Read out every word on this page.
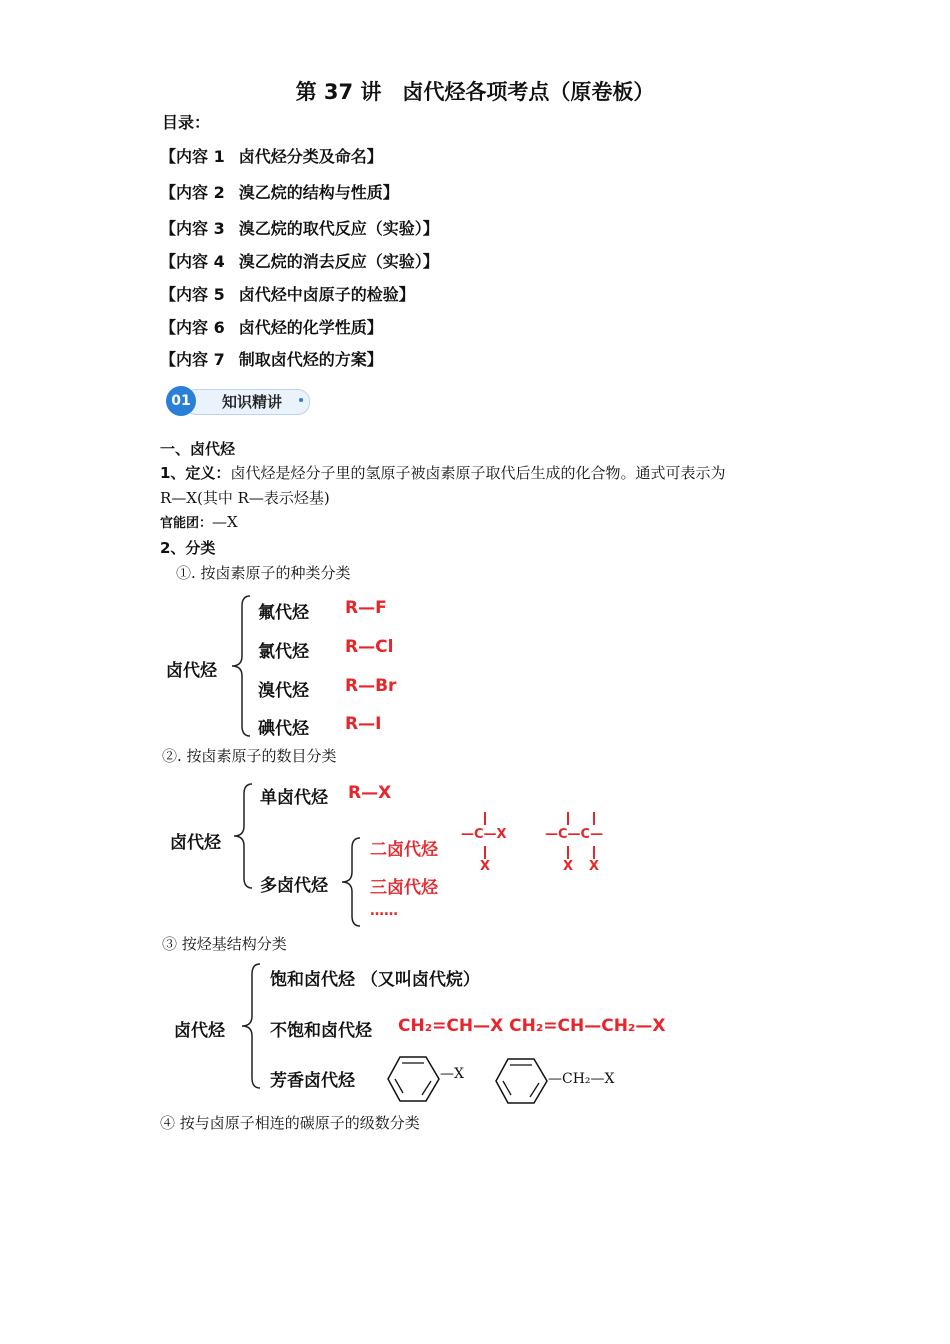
第 37 讲　卤代烃各项考点（原卷板）
目录：
【内容 1 卤代烃分类及命名】
【内容 2 溴乙烷的结构与性质】
【内容 3 溴乙烷的取代反应（实验）】
【内容 4 溴乙烷的消去反应（实验）】
【内容 5 卤代烃中卤原子的检验】
【内容 6 卤代烃的化学性质】
【内容 7 制取卤代烃的方案】
01	知识精讲
一、卤代烃
1、定义：卤代烃是烃分子里的氢原子被卤素原子取代后生成的化合物。通式可表示为
R—X(其中 R—表示烃基)
官能团：—X
2、分类
①. 按卤素原子的种类分类
卤代烃
氟代烃 R—F
氯代烃 R—Cl
溴代烃 R—Br
碘代烃 R—I
②. 按卤素原子的数目分类
卤代烃
单卤代烃 R—X
多卤代烃
二卤代烃
三卤代烃
……
—C—X
X
—C—C—
X X
③ 按烃基结构分类
卤代烃
饱和卤代烃 （又叫卤代烷）
不饱和卤代烃 CH₂=CH—X CH₂=CH—CH₂—X
芳香卤代烃	—X	—CH₂—X
④ 按与卤原子相连的碳原子的级数分类
